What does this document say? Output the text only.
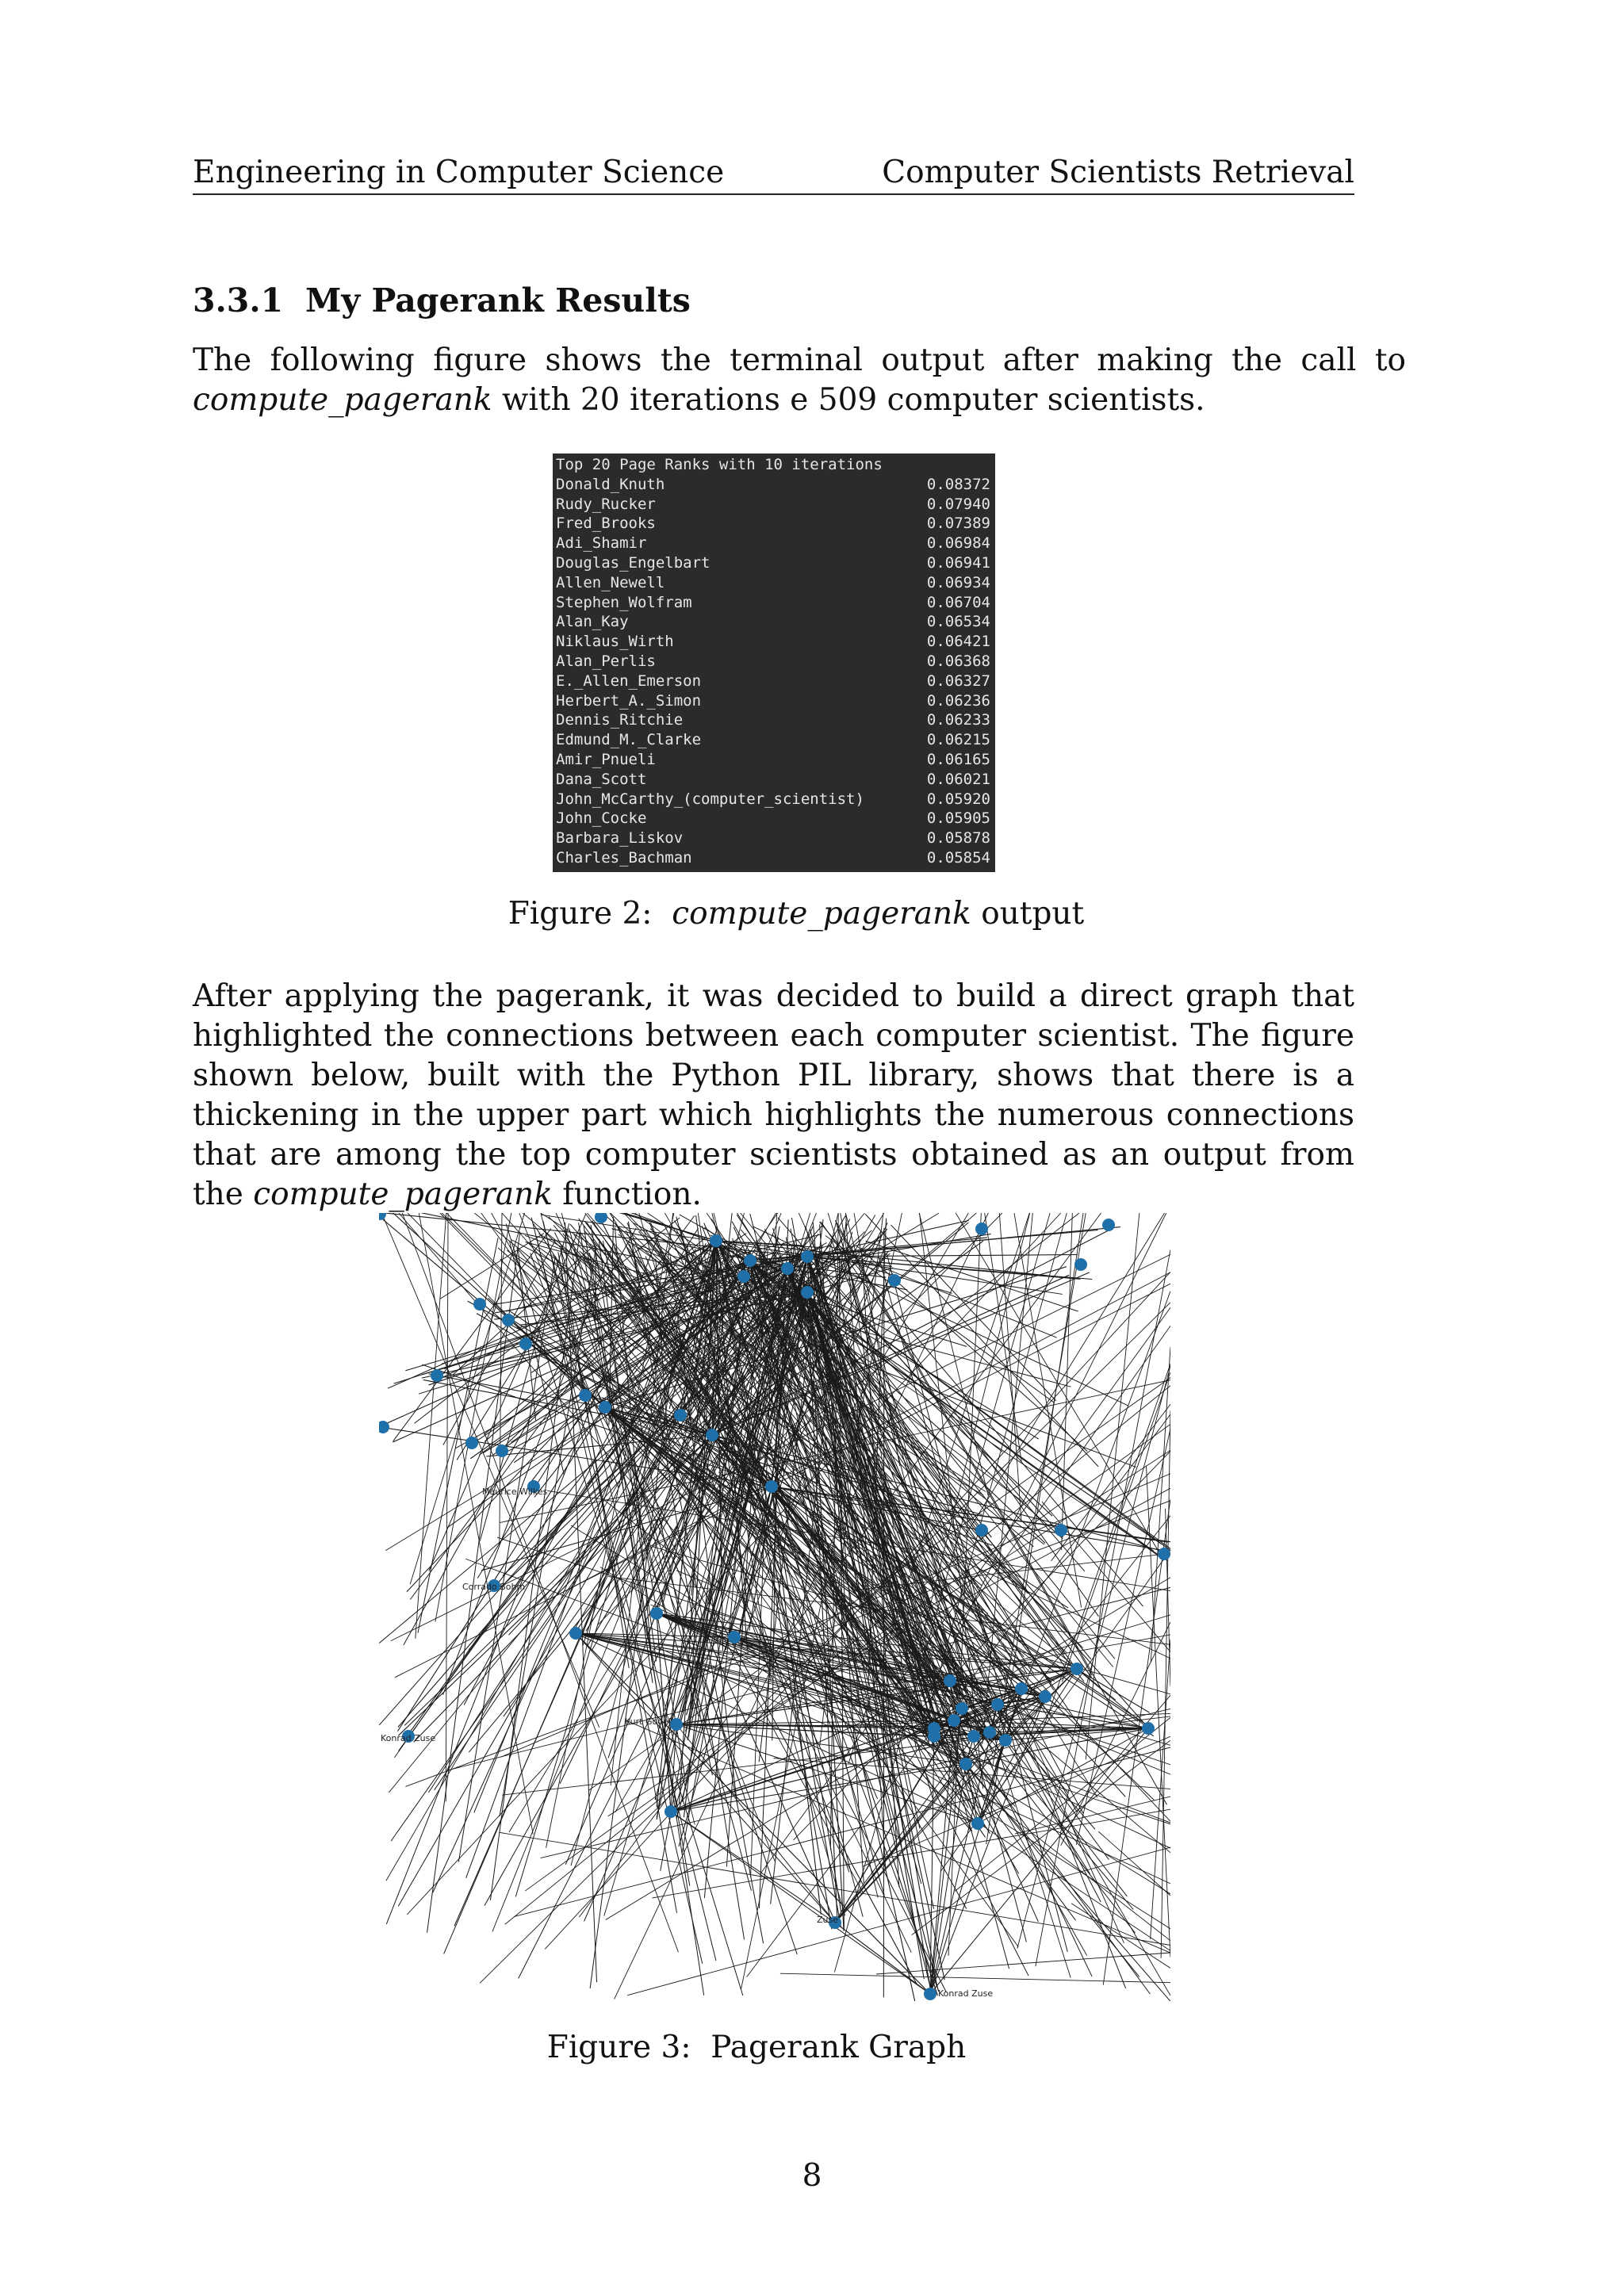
Engineering in Computer Science	Computer Scientists Retrieval
3.3.1 My Pagerank Results
The following figure shows the terminal output after making the call to compute_pagerank with 20 iterations e 509 computer scientists.
Top 20 Page Ranks with 10 iterations
Donald_Knuth	0.08372
Rudy_Rucker	0.07940
Fred_Brooks	0.07389
Adi_Shamir	0.06984
Douglas_Engelbart	0.06941
Allen_Newell	0.06934
Stephen_Wolfram	0.06704
Alan_Kay	0.06534
Niklaus_Wirth	0.06421
Alan_Perlis	0.06368
E._Allen_Emerson	0.06327
Herbert_A._Simon	0.06236
Dennis_Ritchie	0.06233
Edmund_M._Clarke	0.06215
Amir_Pnueli	0.06165
Dana_Scott	0.06021
John_McCarthy_(computer_scientist)	0.05920
John_Cocke	0.05905
Barbara_Liskov	0.05878
Charles_Bachman	0.05854
Figure 2: compute_pagerank output
After applying the pagerank, it was decided to build a direct graph that highlighted the connections between each computer scientist. The figure shown below, built with the Python PIL library, shows that there is a thickening in the upper part which highlights the numerous connections that are among the top computer scientists obtained as an output from the compute_pagerank function.
Maurice Wilkes
Corrado Bohm
Konrad Zuse
Kurt Godel
Zuse
Konrad Zuse
Figure 3: Pagerank Graph
8
